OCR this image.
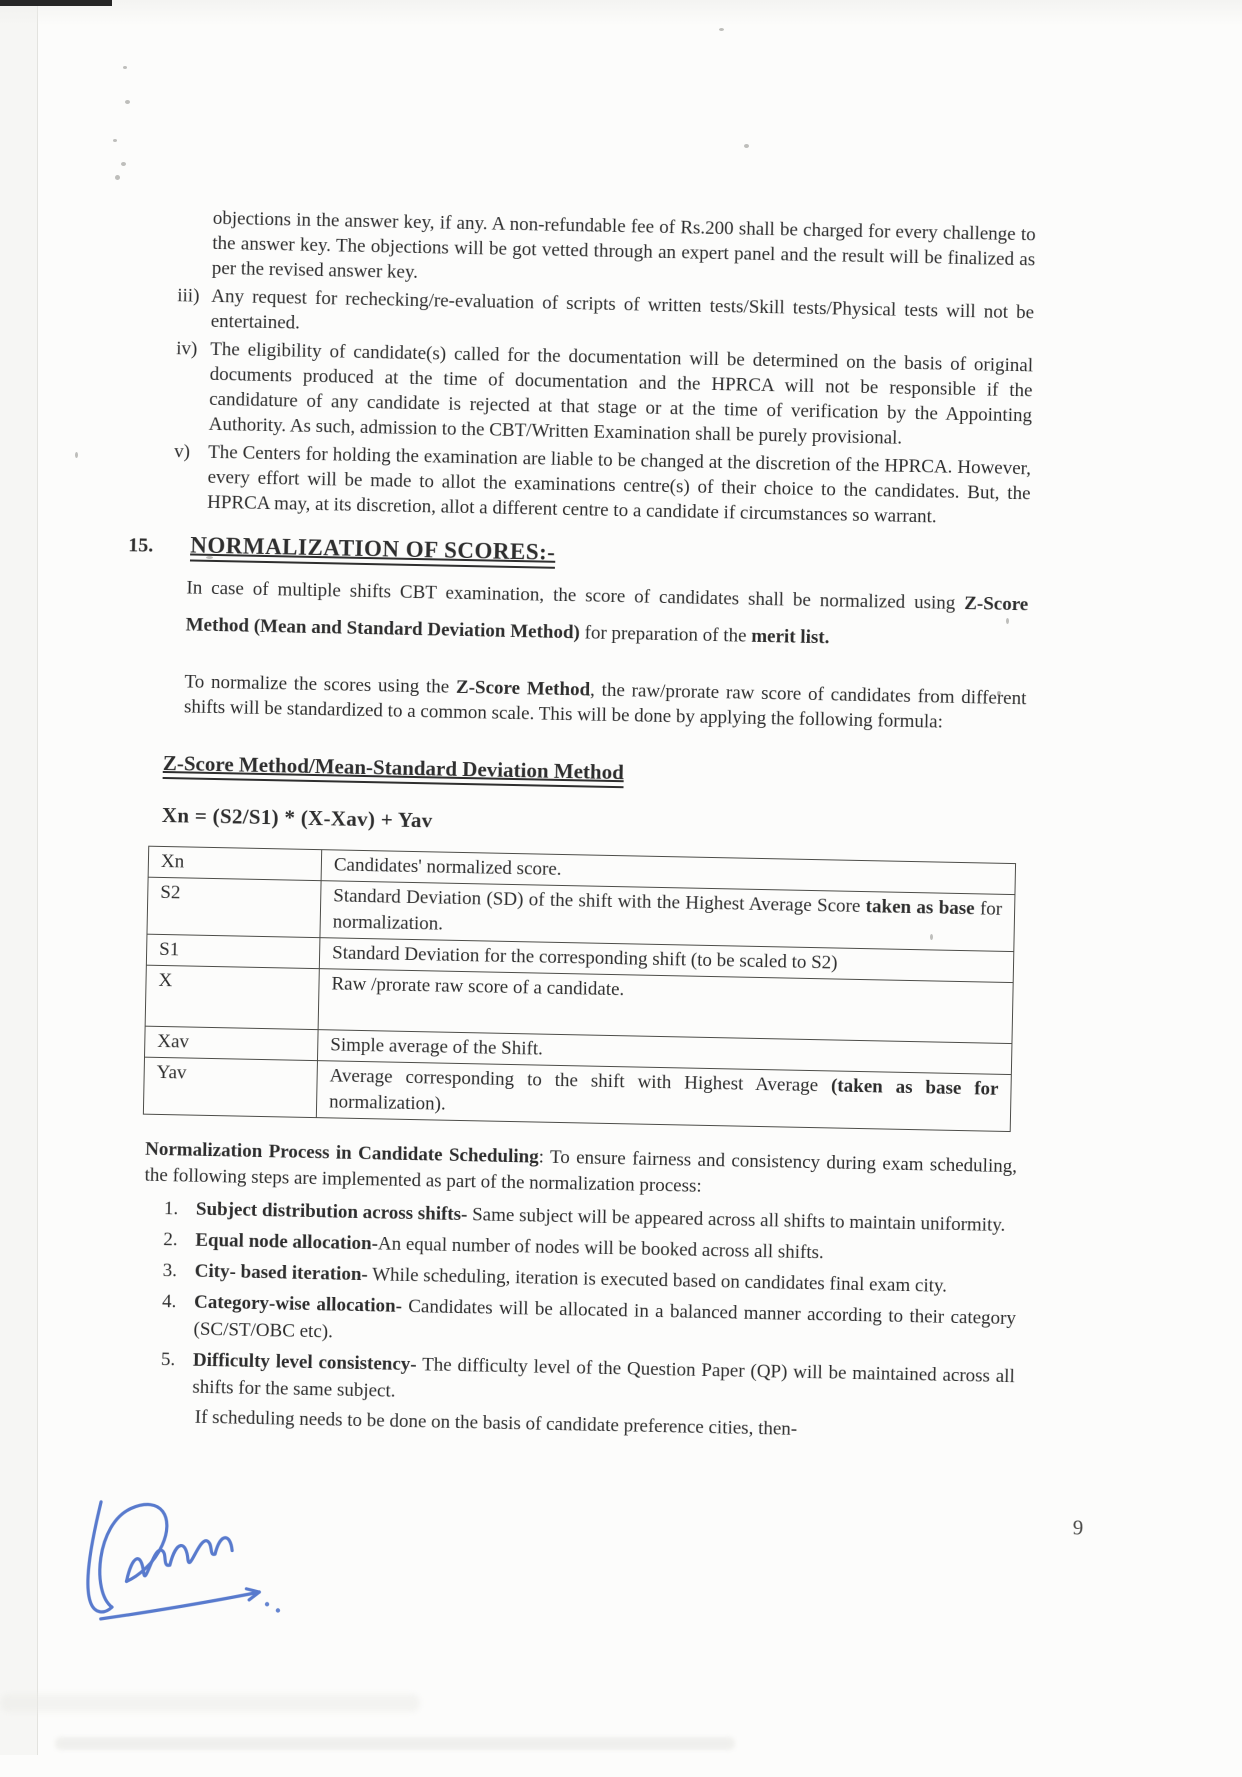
objections in the answer key, if any. A non-refundable fee of Rs.200 shall be charged for every challenge to the answer key. The objections will be got vetted through an expert panel and the result will be finalized as per the revised answer key.
iii) Any request for rechecking/re-evaluation of scripts of written tests/Skill tests/Physical tests will not be entertained.
iv) The eligibility of candidate(s) called for the documentation will be determined on the basis of original documents produced at the time of documentation and the HPRCA will not be responsible if the candidature of any candidate is rejected at that stage or at the time of verification by the Appointing Authority. As such, admission to the CBT/Written Examination shall be purely provisional.
v) The Centers for holding the examination are liable to be changed at the discretion of the HPRCA. However, every effort will be made to allot the examinations centre(s) of their choice to the candidates. But, the HPRCA may, at its discretion, allot a different centre to a candidate if circumstances so warrant.
15. NORMALIZATION OF SCORES:-
In case of multiple shifts CBT examination, the score of candidates shall be normalized using Z-Score Method (Mean and Standard Deviation Method) for preparation of the merit list.
To normalize the scores using the Z-Score Method, the raw/prorate raw score of candidates from different shifts will be standardized to a common scale. This will be done by applying the following formula:
Z-Score Method/Mean-Standard Deviation Method
Xn = (S2/S1) * (X-Xav) + Yav
Xn	Candidates' normalized score.
S2	Standard Deviation (SD) of the shift with the Highest Average Score taken as base for normalization.
S1	Standard Deviation for the corresponding shift (to be scaled to S2)
X	Raw /prorate raw score of a candidate.
Xav	Simple average of the Shift.
Yav	Average corresponding to the shift with Highest Average (taken as base for normalization).
Normalization Process in Candidate Scheduling: To ensure fairness and consistency during exam scheduling, the following steps are implemented as part of the normalization process:
1. Subject distribution across shifts- Same subject will be appeared across all shifts to maintain uniformity.
2. Equal node allocation-An equal number of nodes will be booked across all shifts.
3. City- based iteration- While scheduling, iteration is executed based on candidates final exam city.
4. Category-wise allocation- Candidates will be allocated in a balanced manner according to their category (SC/ST/OBC etc).
5. Difficulty level consistency- The difficulty level of the Question Paper (QP) will be maintained across all shifts for the same subject.
If scheduling needs to be done on the basis of candidate preference cities, then-
9
